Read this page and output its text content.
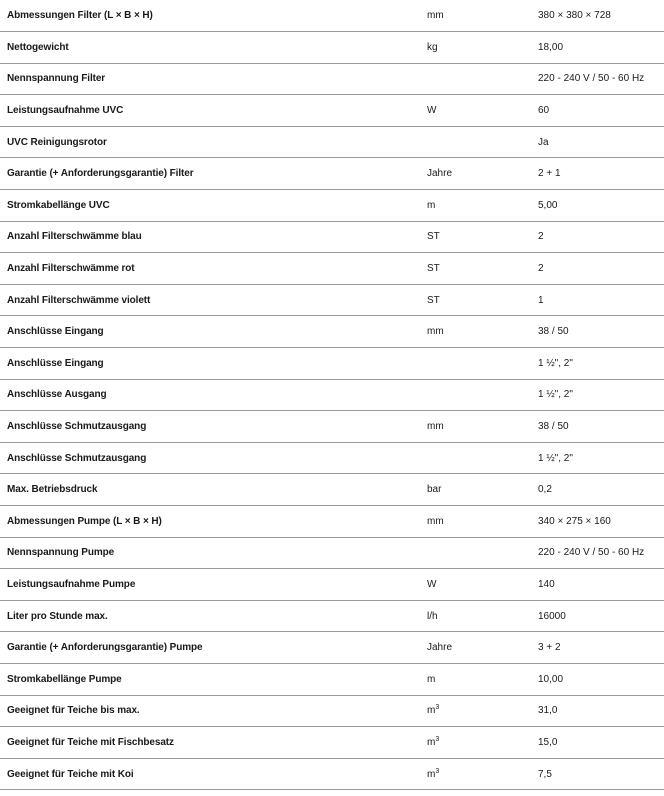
Abmessungen Filter (L × B × H)	mm	380 × 380 × 728
Nettogewicht	kg	18,00
Nennspannung Filter		220 - 240 V / 50 - 60 Hz
Leistungsaufnahme UVC	W	60
UVC Reinigungsrotor		Ja
Garantie (+ Anforderungsgarantie) Filter	Jahre	2 + 1
Stromkabellänge UVC	m	5,00
Anzahl Filterschwämme blau	ST	2
Anzahl Filterschwämme rot	ST	2
Anzahl Filterschwämme violett	ST	1
Anschlüsse Eingang	mm	38 / 50
Anschlüsse Eingang		1 ½", 2"
Anschlüsse Ausgang		1 ½", 2"
Anschlüsse Schmutzausgang	mm	38 / 50
Anschlüsse Schmutzausgang		1 ½", 2"
Max. Betriebsdruck	bar	0,2
Abmessungen Pumpe (L × B × H)	mm	340 × 275 × 160
Nennspannung Pumpe		220 - 240 V / 50 - 60 Hz
Leistungsaufnahme Pumpe	W	140
Liter pro Stunde max.	l/h	16000
Garantie (+ Anforderungsgarantie) Pumpe	Jahre	3 + 2
Stromkabellänge Pumpe	m	10,00
Geeignet für Teiche bis max.	$m^3$	31,0
Geeignet für Teiche mit Fischbesatz	$m^3$	15,0
Geeignet für Teiche mit Koi	$m^3$	7,5
